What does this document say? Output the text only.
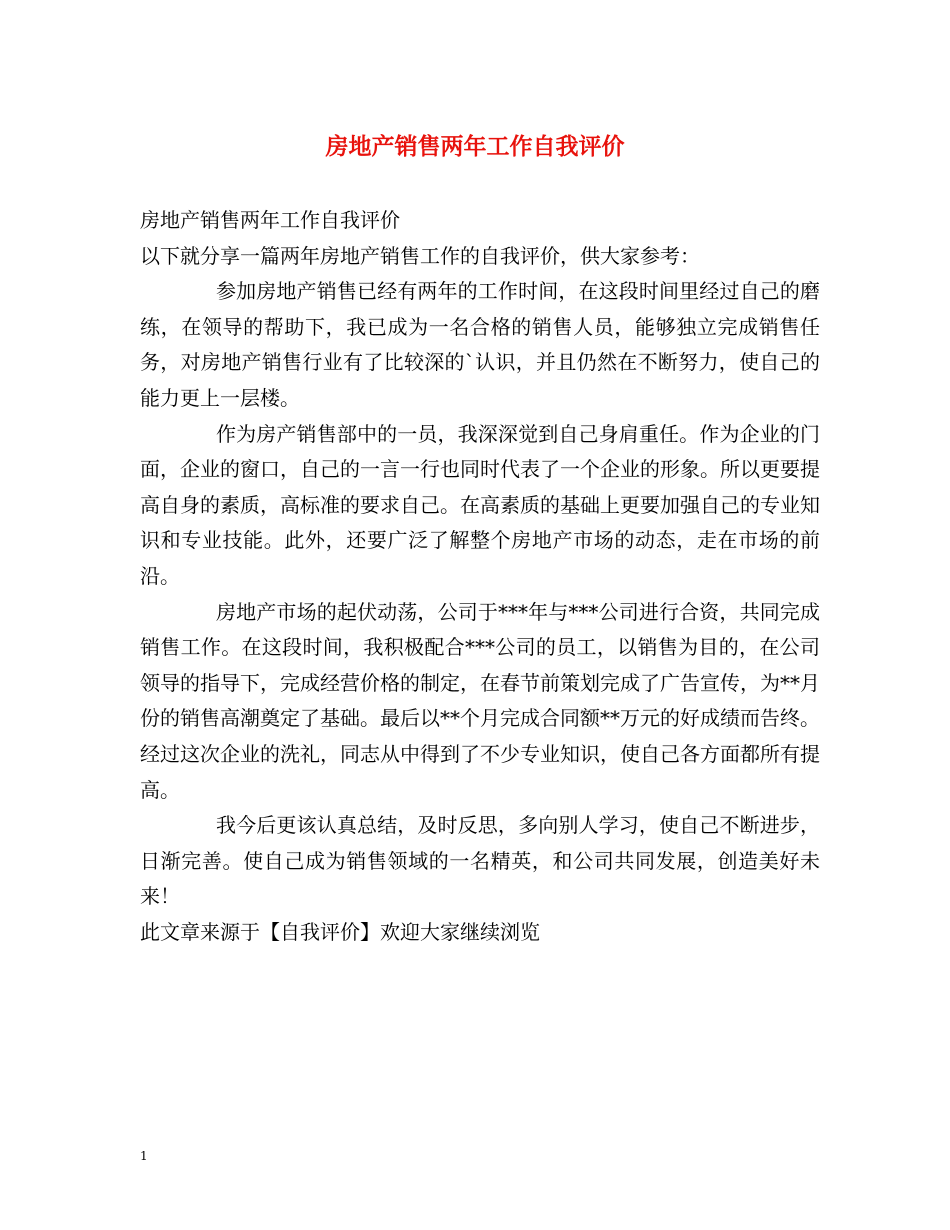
房地产销售两年工作自我评价

房地产销售两年工作自我评价

以下就分享一篇两年房地产销售工作的自我评价，供大家参考：

参加房地产销售已经有两年的工作时间，在这段时间里经过自己的磨练，在领导的帮助下，我已成为一名合格的销售人员，能够独立完成销售任务，对房地产销售行业有了比较深的`认识，并且仍然在不断努力，使自己的能力更上一层楼。

作为房产销售部中的一员，我深深觉到自己身肩重任。作为企业的门面，企业的窗口，自己的一言一行也同时代表了一个企业的形象。所以更要提高自身的素质，高标准的要求自己。在高素质的基础上更要加强自己的专业知识和专业技能。此外，还要广泛了解整个房地产市场的动态，走在市场的前沿。

房地产市场的起伏动荡，公司于***年与***公司进行合资，共同完成销售工作。在这段时间，我积极配合***公司的员工，以销售为目的，在公司领导的指导下，完成经营价格的制定，在春节前策划完成了广告宣传，为**月份的销售高潮奠定了基础。最后以**个月完成合同额**万元的好成绩而告终。经过这次企业的洗礼，同志从中得到了不少专业知识，使自己各方面都所有提高。

我今后更该认真总结，及时反思，多向别人学习，使自己不断进步，日渐完善。使自己成为销售领域的一名精英，和公司共同发展，创造美好未来！

此文章来源于【自我评价】欢迎大家继续浏览

1
